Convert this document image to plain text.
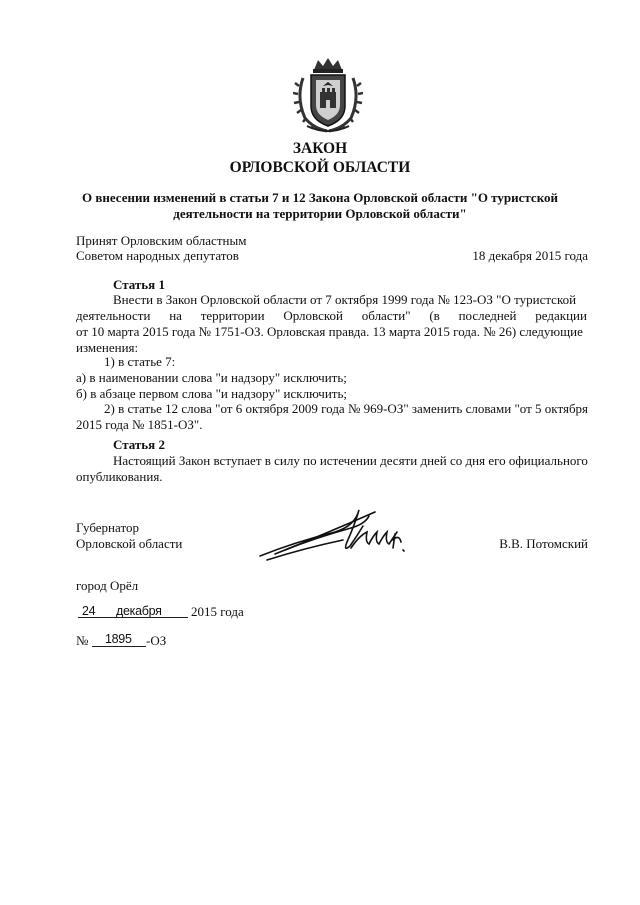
ЗАКОН
ОРЛОВСКОЙ ОБЛАСТИ
О внесении изменений в статьи 7 и 12 Закона Орловской области "О туристской
деятельности на территории Орловской области"
Принят Орловским областным
Советом народных депутатов	18 декабря 2015 года
Статья 1
Внести в Закон Орловской области от 7 октября 1999 года № 123-ОЗ "О туристской
деятельности на территории Орловской области" (в последней редакции
от 10 марта 2015 года № 1751-ОЗ. Орловская правда. 13 марта 2015 года. № 26) следующие
изменения:
1) в статье 7:
а) в наименовании слова "и надзору" исключить;
б) в абзаце первом слова "и надзору" исключить;
2) в статье 12 слова "от 6 октября 2009 года № 969-ОЗ" заменить словами "от 5 октября
2015 года № 1851-ОЗ".
Статья 2
Настоящий Закон вступает в силу по истечении десяти дней со дня его официального
опубликования.
Губернатор
Орловской области	В.В. Потомский
город Орёл
24 декабря 2015 года
№ 1895 -ОЗ
